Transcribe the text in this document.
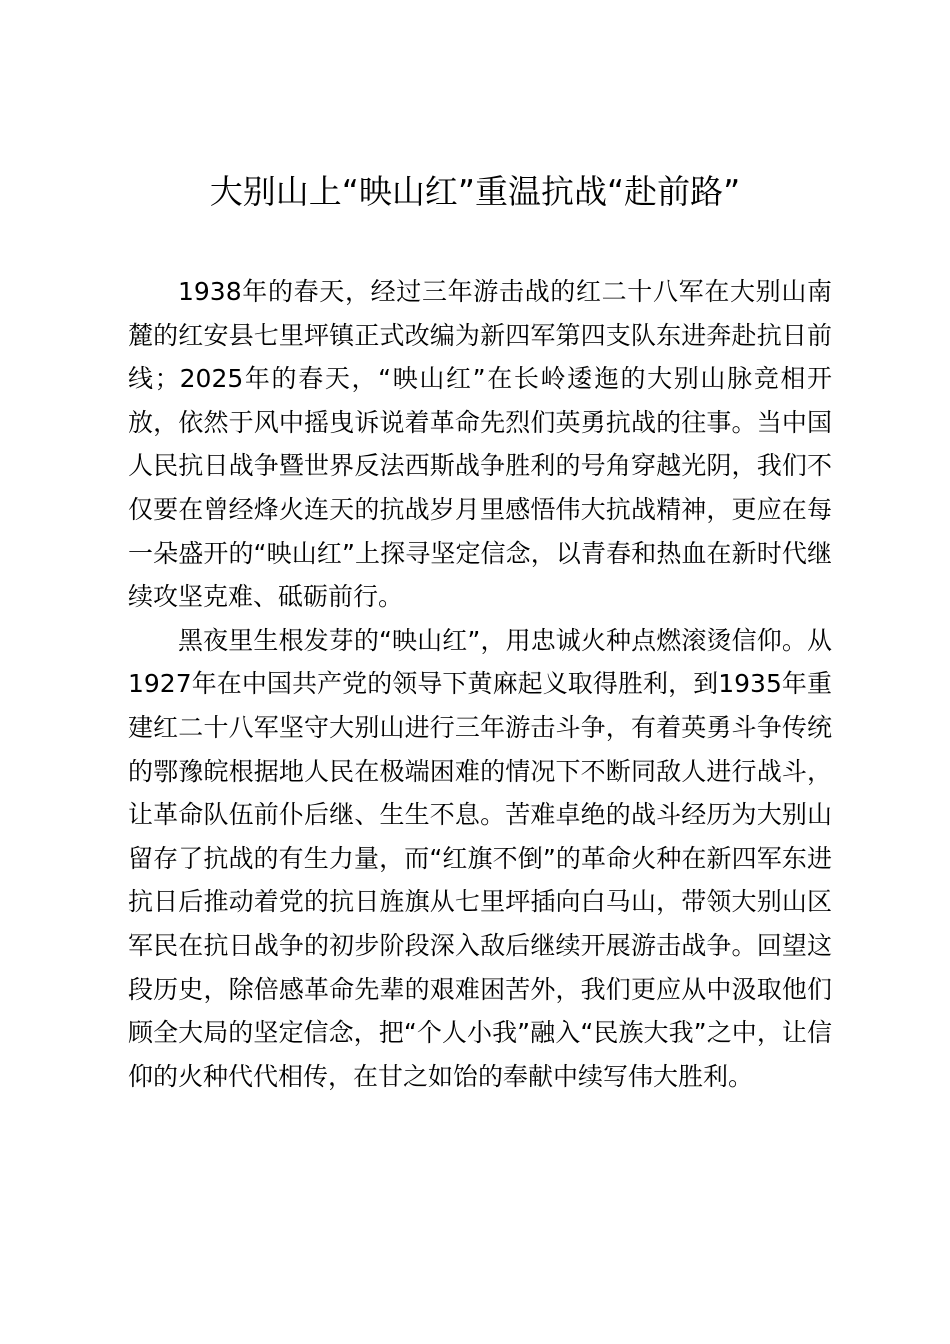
大别山上“映山红”重温抗战“赴前路”

1938年的春天，经过三年游击战的红二十八军在大别山南麓的红安县七里坪镇正式改编为新四军第四支队东进奔赴抗日前线；2025年的春天，“映山红”在长岭逶迤的大别山脉竞相开放，依然于风中摇曳诉说着革命先烈们英勇抗战的往事。当中国人民抗日战争暨世界反法西斯战争胜利的号角穿越光阴，我们不仅要在曾经烽火连天的抗战岁月里感悟伟大抗战精神，更应在每一朵盛开的“映山红”上探寻坚定信念，以青春和热血在新时代继续攻坚克难、砥砺前行。

黑夜里生根发芽的“映山红”，用忠诚火种点燃滚烫信仰。从1927年在中国共产党的领导下黄麻起义取得胜利，到1935年重建红二十八军坚守大别山进行三年游击斗争，有着英勇斗争传统的鄂豫皖根据地人民在极端困难的情况下不断同敌人进行战斗，让革命队伍前仆后继、生生不息。苦难卓绝的战斗经历为大别山留存了抗战的有生力量，而“红旗不倒”的革命火种在新四军东进抗日后推动着党的抗日旌旗从七里坪插向白马山，带领大别山区军民在抗日战争的初步阶段深入敌后继续开展游击战争。回望这段历史，除倍感革命先辈的艰难困苦外，我们更应从中汲取他们顾全大局的坚定信念，把“个人小我”融入“民族大我”之中，让信仰的火种代代相传，在甘之如饴的奉献中续写伟大胜利。
